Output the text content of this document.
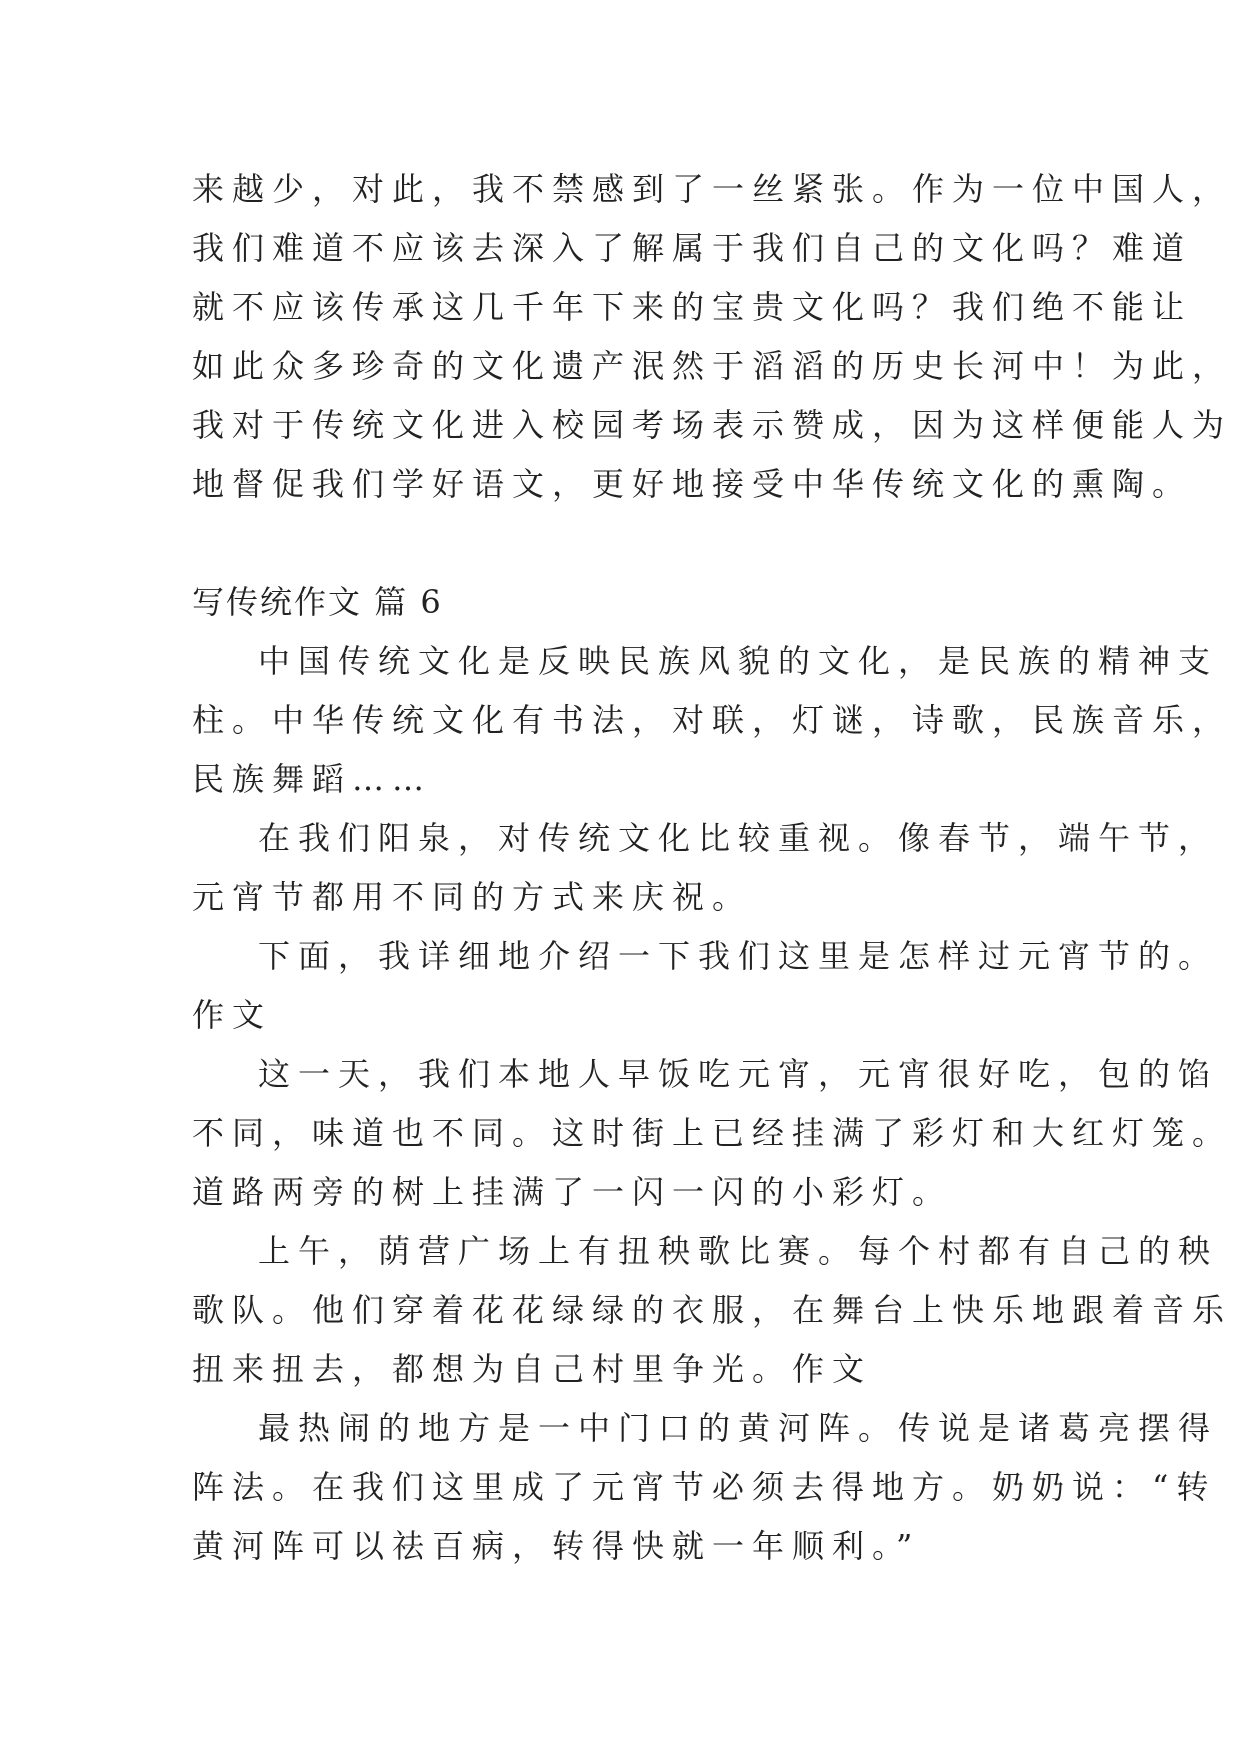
来越少，对此，我不禁感到了一丝紧张。作为一位中国人，
我们难道不应该去深入了解属于我们自己的文化吗？难道
就不应该传承这几千年下来的宝贵文化吗？我们绝不能让
如此众多珍奇的文化遗产泯然于滔滔的历史长河中！为此，
我对于传统文化进入校园考场表示赞成，因为这样便能人为
地督促我们学好语文，更好地接受中华传统文化的熏陶。
写传统作文 篇 6
中国传统文化是反映民族风貌的文化，是民族的精神支
柱。中华传统文化有书法，对联，灯谜，诗歌，民族音乐，
民族舞蹈……
在我们阳泉，对传统文化比较重视。像春节，端午节，
元宵节都用不同的方式来庆祝。
下面，我详细地介绍一下我们这里是怎样过元宵节的。
作文
这一天，我们本地人早饭吃元宵，元宵很好吃，包的馅
不同，味道也不同。这时街上已经挂满了彩灯和大红灯笼。
道路两旁的树上挂满了一闪一闪的小彩灯。
上午，荫营广场上有扭秧歌比赛。每个村都有自己的秧
歌队。他们穿着花花绿绿的衣服，在舞台上快乐地跟着音乐
扭来扭去，都想为自己村里争光。作文
最热闹的地方是一中门口的黄河阵。传说是诸葛亮摆得
阵法。在我们这里成了元宵节必须去得地方。奶奶说：“转
黄河阵可以祛百病，转得快就一年顺利。”
